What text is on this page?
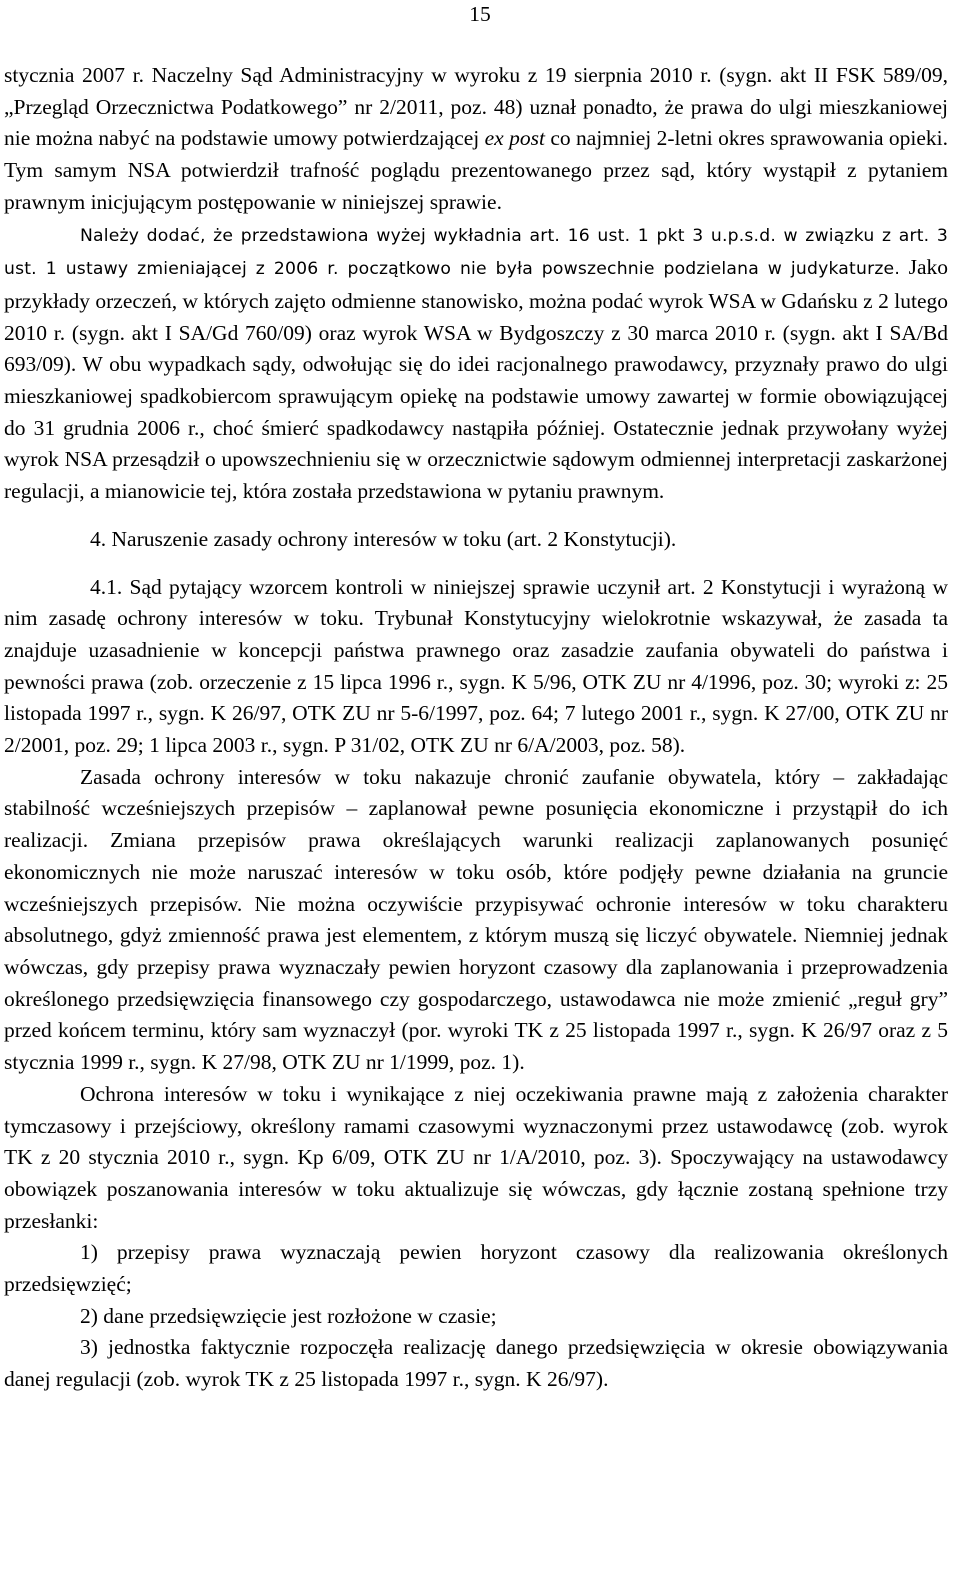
15

stycznia 2007 r. Naczelny Sąd Administracyjny w wyroku z 19 sierpnia 2010 r. (sygn. akt II FSK 589/09, „Przegląd Orzecznictwa Podatkowego” nr 2/2011, poz. 48) uznał ponadto, że prawa do ulgi mieszkaniowej nie można nabyć na podstawie umowy potwierdzającej ex post co najmniej 2-letni okres sprawowania opieki. Tym samym NSA potwierdził trafność poglądu prezentowanego przez sąd, który wystąpił z pytaniem prawnym inicjującym postępowanie w niniejszej sprawie.

Należy dodać, że przedstawiona wyżej wykładnia art. 16 ust. 1 pkt 3 u.p.s.d. w związku z art. 3 ust. 1 ustawy zmieniającej z 2006 r. początkowo nie była powszechnie podzielana w judykaturze. Jako przykłady orzeczeń, w których zajęto odmienne stanowisko, można podać wyrok WSA w Gdańsku z 2 lutego 2010 r. (sygn. akt I SA/Gd 760/09) oraz wyrok WSA w Bydgoszczy z 30 marca 2010 r. (sygn. akt I SA/Bd 693/09). W obu wypadkach sądy, odwołując się do idei racjonalnego prawodawcy, przyznały prawo do ulgi mieszkaniowej spadkobiercom sprawującym opiekę na podstawie umowy zawartej w formie obowiązującej do 31 grudnia 2006 r., choć śmierć spadkodawcy nastąpiła później. Ostatecznie jednak przywołany wyżej wyrok NSA przesądził o upowszechnieniu się w orzecznictwie sądowym odmiennej interpretacji zaskarżonej regulacji, a mianowicie tej, która została przedstawiona w pytaniu prawnym.

4. Naruszenie zasady ochrony interesów w toku (art. 2 Konstytucji).

4.1. Sąd pytający wzorcem kontroli w niniejszej sprawie uczynił art. 2 Konstytucji i wyrażoną w nim zasadę ochrony interesów w toku. Trybunał Konstytucyjny wielokrotnie wskazywał, że zasada ta znajduje uzasadnienie w koncepcji państwa prawnego oraz zasadzie zaufania obywateli do państwa i pewności prawa (zob. orzeczenie z 15 lipca 1996 r., sygn. K 5/96, OTK ZU nr 4/1996, poz. 30; wyroki z: 25 listopada 1997 r., sygn. K 26/97, OTK ZU nr 5-6/1997, poz. 64; 7 lutego 2001 r., sygn. K 27/00, OTK ZU nr 2/2001, poz. 29; 1 lipca 2003 r., sygn. P 31/02, OTK ZU nr 6/A/2003, poz. 58).

Zasada ochrony interesów w toku nakazuje chronić zaufanie obywatela, który – zakładając stabilność wcześniejszych przepisów – zaplanował pewne posunięcia ekonomiczne i przystąpił do ich realizacji. Zmiana przepisów prawa określających warunki realizacji zaplanowanych posunięć ekonomicznych nie może naruszać interesów w toku osób, które podjęły pewne działania na gruncie wcześniejszych przepisów. Nie można oczywiście przypisywać ochronie interesów w toku charakteru absolutnego, gdyż zmienność prawa jest elementem, z którym muszą się liczyć obywatele. Niemniej jednak wówczas, gdy przepisy prawa wyznaczały pewien horyzont czasowy dla zaplanowania i przeprowadzenia określonego przedsięwzięcia finansowego czy gospodarczego, ustawodawca nie może zmienić „reguł gry” przed końcem terminu, który sam wyznaczył (por. wyroki TK z 25 listopada 1997 r., sygn. K 26/97 oraz z 5 stycznia 1999 r., sygn. K 27/98, OTK ZU nr 1/1999, poz. 1).

Ochrona interesów w toku i wynikające z niej oczekiwania prawne mają z założenia charakter tymczasowy i przejściowy, określony ramami czasowymi wyznaczonymi przez ustawodawcę (zob. wyrok TK z 20 stycznia 2010 r., sygn. Kp 6/09, OTK ZU nr 1/A/2010, poz. 3). Spoczywający na ustawodawcy obowiązek poszanowania interesów w toku aktualizuje się wówczas, gdy łącznie zostaną spełnione trzy przesłanki:

1) przepisy prawa wyznaczają pewien horyzont czasowy dla realizowania określonych przedsięwzięć;

2) dane przedsięwzięcie jest rozłożone w czasie;

3) jednostka faktycznie rozpoczęła realizację danego przedsięwzięcia w okresie obowiązywania danej regulacji (zob. wyrok TK z 25 listopada 1997 r., sygn. K 26/97).
